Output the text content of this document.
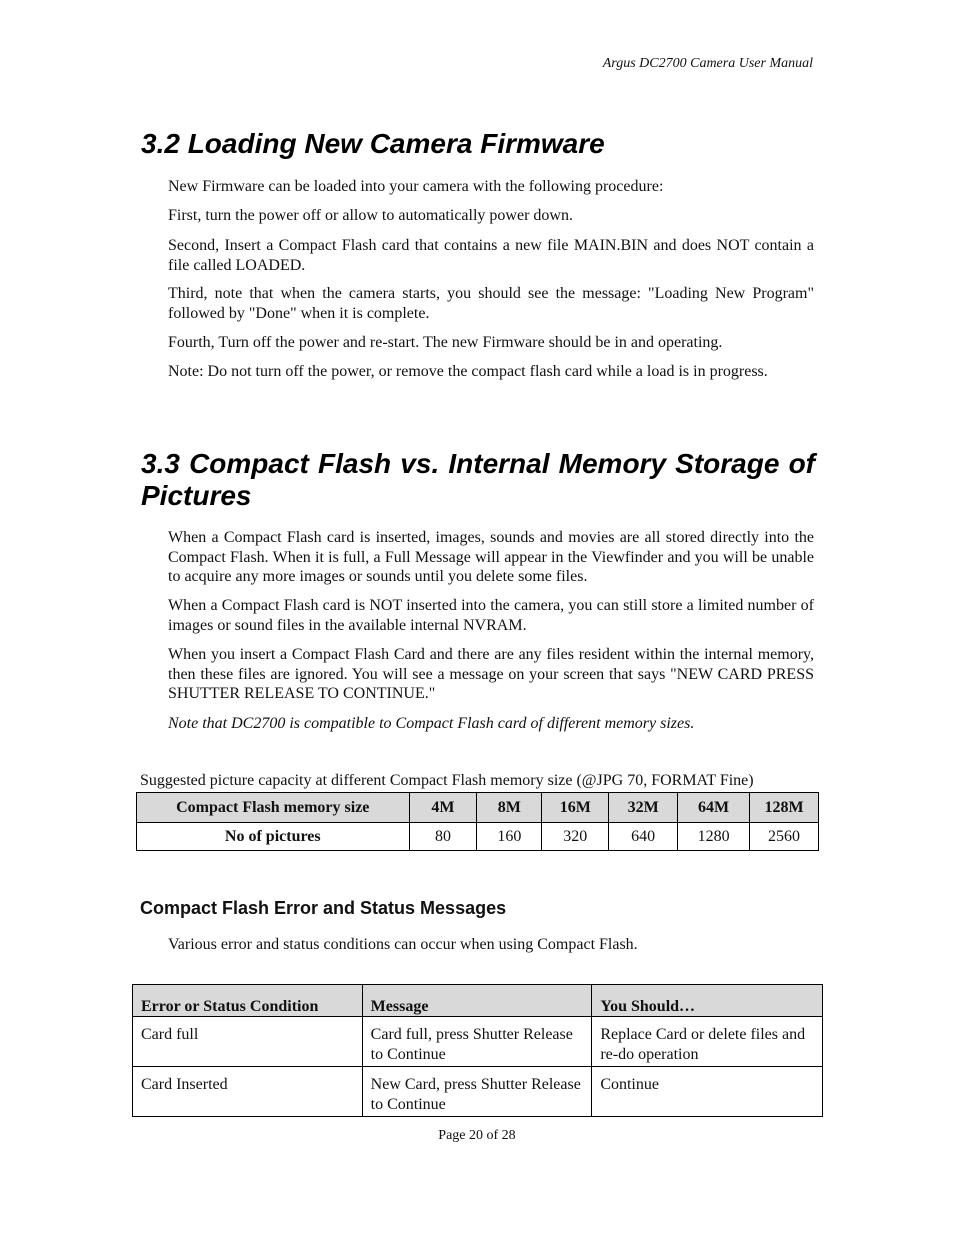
Argus DC2700 Camera User Manual
3.2 Loading New Camera Firmware

New Firmware can be loaded into your camera with the following procedure:

First, turn the power off or allow to automatically power down.

Second, Insert a Compact Flash card that contains a new file MAIN.BIN and does NOT contain a file called LOADED.

Third, note that when the camera starts, you should see the message: "Loading New Program" followed by "Done" when it is complete.

Fourth, Turn off the power and re-start. The new Firmware should be in and operating.

Note: Do not turn off the power, or remove the compact flash card while a load is in progress.

3.3 Compact Flash vs. Internal Memory Storage of Pictures

When a Compact Flash card is inserted, images, sounds and movies are all stored directly into the Compact Flash. When it is full, a Full Message will appear in the Viewfinder and you will be unable to acquire any more images or sounds until you delete some files.

When a Compact Flash card is NOT inserted into the camera, you can still store a limited number of images or sound files in the available internal NVRAM.

When you insert a Compact Flash Card and there are any files resident within the internal memory, then these files are ignored. You will see a message on your screen that says "NEW CARD PRESS SHUTTER RELEASE TO CONTINUE."

Note that DC2700 is compatible to Compact Flash card of different memory sizes.

Suggested picture capacity at different Compact Flash memory size (@JPG 70, FORMAT Fine)
Compact Flash memory size	4M	8M	16M	32M	64M	128M
No of pictures	80	160	320	640	1280	2560
Compact Flash Error and Status Messages

Various error and status conditions can occur when using Compact Flash.

Error or Status Condition	Message	You Should…
Card full	Card full, press Shutter Release to Continue	Replace Card or delete files and re-do operation
Card Inserted	New Card, press Shutter Release to Continue	Continue
Page 20 of 28
